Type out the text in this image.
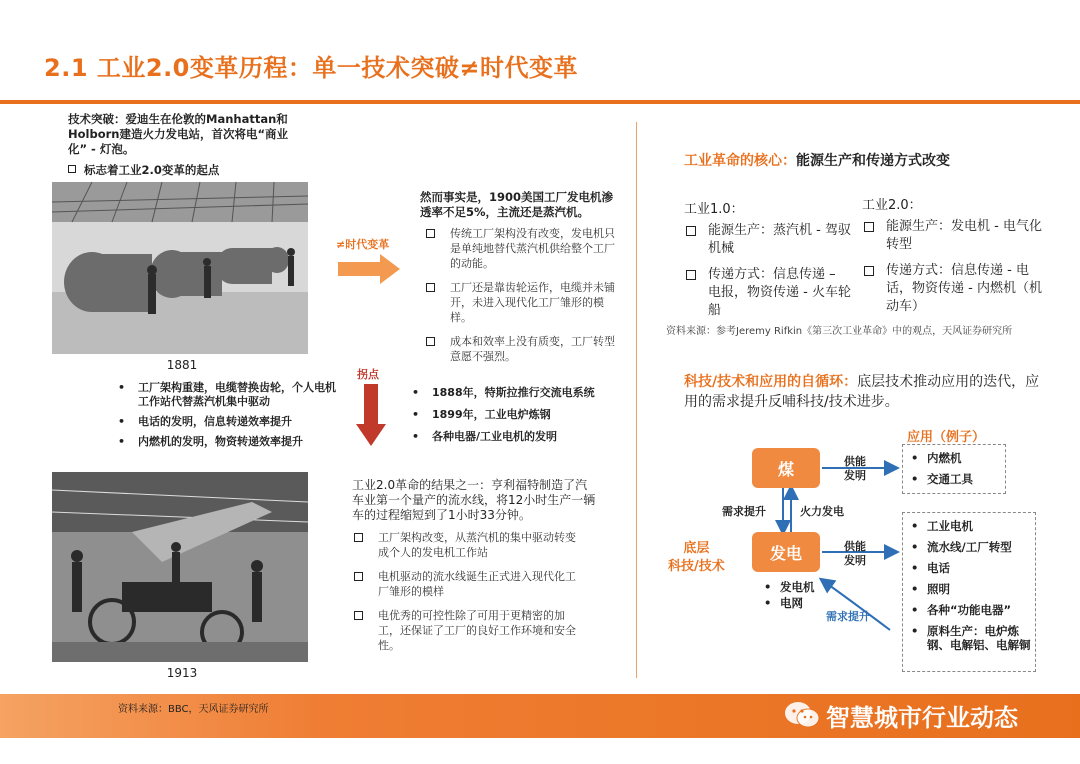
2.1 工业2.0变革历程：单一技术突破≠时代变革
技术突破：爱迪生在伦敦的Manhattan和Holborn建造火力发电站，首次将电“商业化” - 灯泡。
标志着工业2.0变革的起点
1881
• 工厂架构重建，电缆替换齿轮，个人电机工作站代替蒸汽机集中驱动
• 电话的发明，信息转递效率提升
• 内燃机的发明，物资转递效率提升
1913
≠时代变革
拐点
然而事实是，1900美国工厂发电机渗透率不足5%，主流还是蒸汽机。
传统工厂架构没有改变，发电机只是单纯地替代蒸汽机供给整个工厂的动能。
工厂还是靠齿轮运作，电缆并未铺开，未进入现代化工厂雏形的模样。
成本和效率上没有质变，工厂转型意愿不强烈。
• 1888年，特斯拉推行交流电系统
• 1899年，工业电炉炼钢
• 各种电器/工业电机的发明
工业2.0革命的结果之一：亨利福特制造了汽车业第一个量产的流水线，将12小时生产一辆车的过程缩短到了1小时33分钟。
工厂架构改变，从蒸汽机的集中驱动转变成个人的发电机工作站
电机驱动的流水线诞生正式进入现代化工厂雏形的模样
电优秀的可控性除了可用于更精密的加工，还保证了工厂的良好工作环境和安全性。
工业革命的核心：能源生产和传递方式改变
工业1.0：
能源生产：蒸汽机 - 驾驭机械
传递方式：信息传递 – 电报，物资传递 - 火车轮船
工业2.0：
能源生产：发电机 - 电气化转型
传递方式：信息传递 - 电话，物资传递 - 内燃机（机动车）
资料来源：参考Jeremy Rifkin《第三次工业革命》中的观点，天风证券研究所
科技/技术和应用的自循环：底层技术推动应用的迭代，应用的需求提升反哺科技/技术进步。
煤
发电
应用（例子）
底层
科技/技术
供能
发明
供能
发明
需求提升	火力发电
需求提升
• 内燃机
• 交通工具
• 工业电机
• 流水线/工厂转型
• 电话
• 照明
• 各种“功能电器”
• 原料生产：电炉炼钢、电解铝、电解铜
• 发电机
• 电网
资料来源：BBC，天风证券研究所	智慧城市行业动态
